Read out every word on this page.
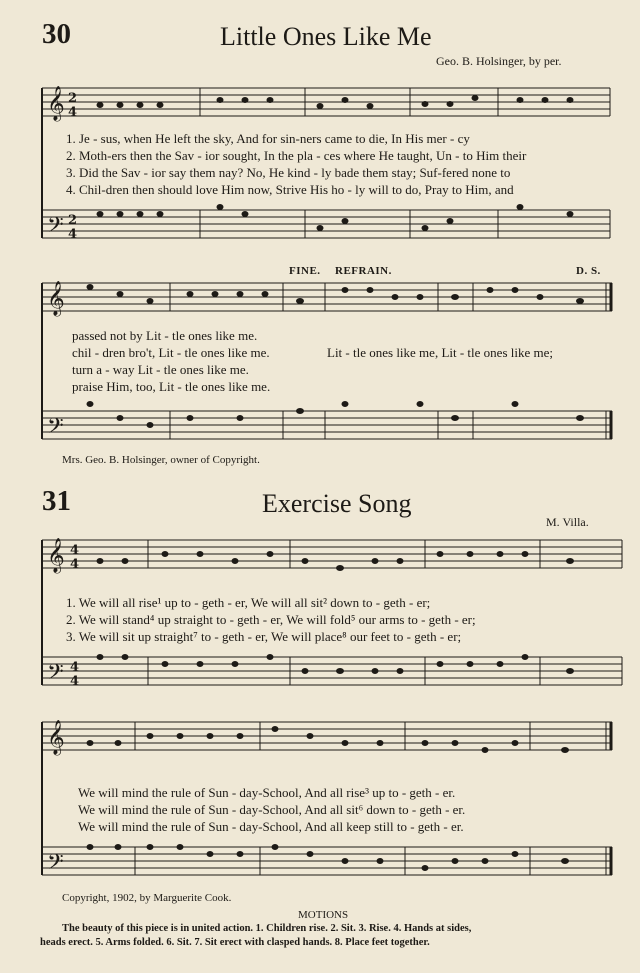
30	Little Ones Like Me
Geo. B. Holsinger, by per.
𝄞
𝄢
2
4
2
4
1. Je - sus, when He left the sky, And for sin-ners came to die, In His mer - cy
2. Moth-ers then the Sav - ior sought, In the pla - ces where He taught, Un - to Him their
3. Did the Sav - ior say them nay? No, He kind - ly bade them stay; Suf-fered none to
4. Chil-dren then should love Him now, Strive His ho - ly will to do, Pray to Him, and
FINE. REFRAIN.	D. S.
𝄞
𝄢
passed not by Lit - tle ones like me.
chil - dren bro't, Lit - tle ones like me.	Lit - tle ones like me, Lit - tle ones like me;
turn a - way Lit - tle ones like me.
praise Him, too, Lit - tle ones like me.
Mrs. Geo. B. Holsinger, owner of Copyright.
31	Exercise Song
M. Villa.
𝄞
𝄢
4
4
4
4
1. We will all rise¹ up to - geth - er, We will all sit² down to - geth - er;
2. We will stand⁴ up straight to - geth - er, We will fold⁵ our arms to - geth - er;
3. We will sit up straight⁷ to - geth - er, We will place⁸ our feet to - geth - er;
𝄞
𝄢
We will mind the rule of Sun - day-School, And all rise³ up to - geth - er.
We will mind the rule of Sun - day-School, And all sit⁶ down to - geth - er.
We will mind the rule of Sun - day-School, And all keep still to - geth - er.
Copyright, 1902, by Marguerite Cook.
MOTIONS
The beauty of this piece is in united action. 1. Children rise. 2. Sit. 3. Rise. 4. Hands at sides,
heads erect. 5. Arms folded. 6. Sit. 7. Sit erect with clasped hands. 8. Place feet together.
